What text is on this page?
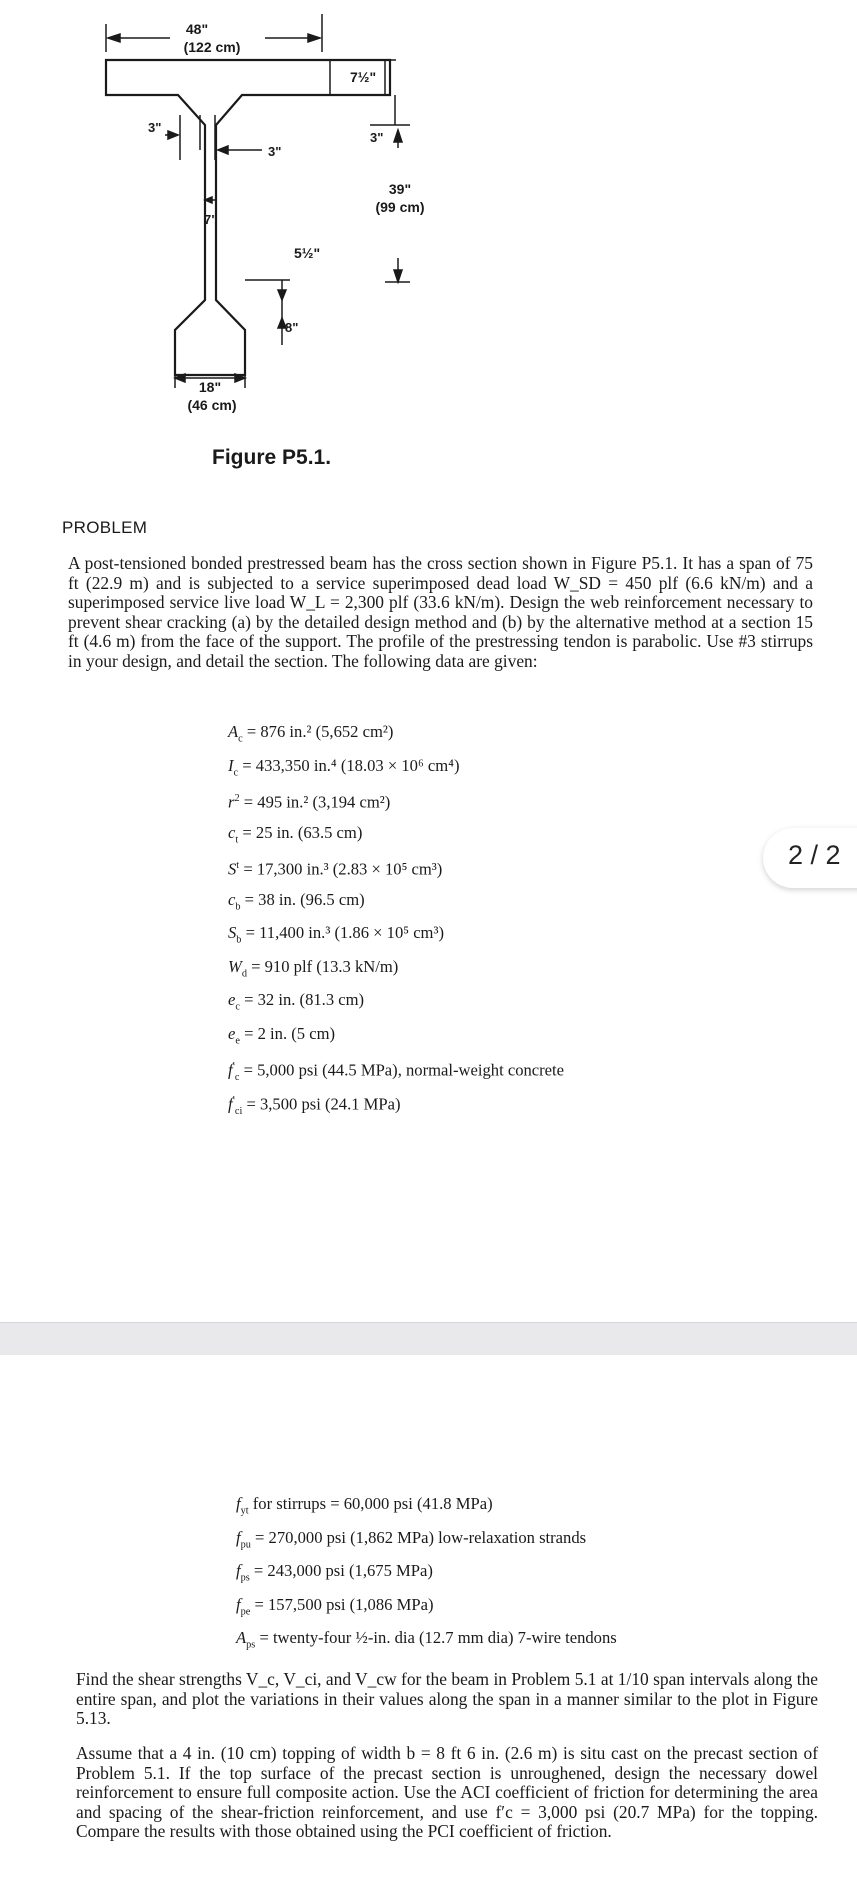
48"
(122 cm)
7½"
3"
3"
3"
39"
(99 cm)
7"
5½"
8"
18"
(46 cm)
Figure P5.1.
PROBLEM
A post-tensioned bonded prestressed beam has the cross section shown in Figure P5.1. It has a span of 75 ft (22.9 m) and is subjected to a service superimposed dead load W_SD = 450 plf (6.6 kN/m) and a superimposed service live load W_L = 2,300 plf (33.6 kN/m). Design the web reinforcement necessary to prevent shear cracking (a) by the detailed design method and (b) by the alternative method at a section 15 ft (4.6 m) from the face of the support. The profile of the prestressing tendon is parabolic. Use #3 stirrups in your design, and detail the section. The following data are given:
$A_c = 876$ in.² (5,652 cm²)
$I_c = 433,350$ in.⁴ (18.03 × 10⁶ cm⁴)
$r^2 = 495$ in.² (3,194 cm²)
$c_t = 25$ in. (63.5 cm)
$S^t = 17,300$ in.³ (2.83 × 10⁵ cm³)
$c_b = 38$ in. (96.5 cm)
$S_b = 11,400$ in.³ (1.86 × 10⁵ cm³)
$W_d = 910$ plf (13.3 kN/m)
$e_c = 32$ in. (81.3 cm)
$e_e = 2$ in. (5 cm)
$f'_c = 5,000$ psi (44.5 MPa), normal-weight concrete
$f'_{ci} = 3,500$ psi (24.1 MPa)
2 / 2
$f_{yt}$ for stirrups = 60,000 psi (41.8 MPa)
$f_{pu} = 270,000$ psi (1,862 MPa) low-relaxation strands
$f_{ps} = 243,000$ psi (1,675 MPa)
$f_{pe} = 157,500$ psi (1,086 MPa)
$A_{ps}$ = twenty-four ½-in. dia (12.7 mm dia) 7-wire tendons
Find the shear strengths V_c, V_ci, and V_cw for the beam in Problem 5.1 at 1/10 span intervals along the entire span, and plot the variations in their values along the span in a manner similar to the plot in Figure 5.13.
Assume that a 4 in. (10 cm) topping of width b = 8 ft 6 in. (2.6 m) is situ cast on the precast section of Problem 5.1. If the top surface of the precast section is unroughened, design the necessary dowel reinforcement to ensure full composite action. Use the ACI coefficient of friction for determining the area and spacing of the shear-friction reinforcement, and use f′c = 3,000 psi (20.7 MPa) for the topping. Compare the results with those obtained using the PCI coefficient of friction.
